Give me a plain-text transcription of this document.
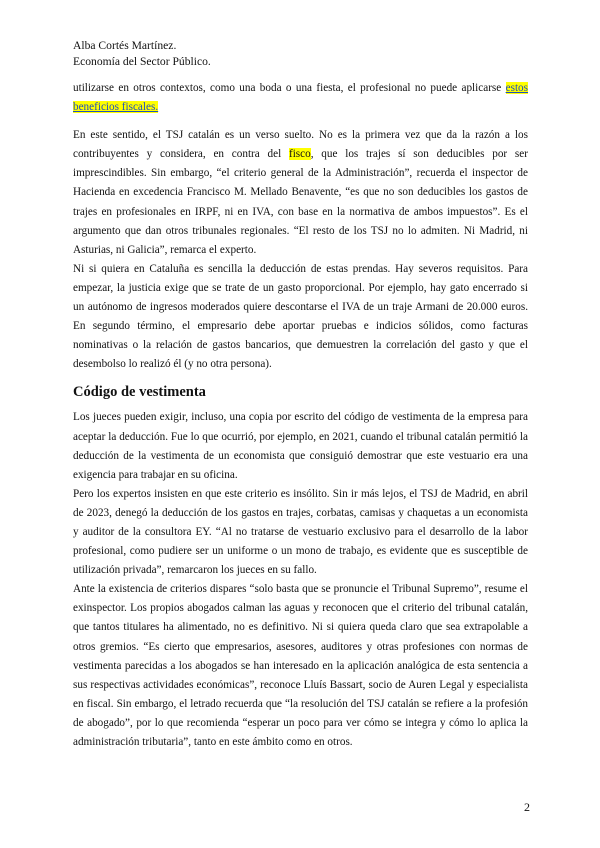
Alba Cortés Martínez.
Economía del Sector Público.

utilizarse en otros contextos, como una boda o una fiesta, el profesional no puede aplicarse estos beneficios fiscales.

En este sentido, el TSJ catalán es un verso suelto. No es la primera vez que da la razón a los contribuyentes y considera, en contra del fisco, que los trajes sí son deducibles por ser imprescindibles. Sin embargo, “el criterio general de la Administración”, recuerda el inspector de Hacienda en excedencia Francisco M. Mellado Benavente, “es que no son deducibles los gastos de trajes en profesionales en IRPF, ni en IVA, con base en la normativa de ambos impuestos”. Es el argumento que dan otros tribunales regionales. “El resto de los TSJ no lo admiten. Ni Madrid, ni Asturias, ni Galicia”, remarca el experto.

Ni si quiera en Cataluña es sencilla la deducción de estas prendas. Hay severos requisitos. Para empezar, la justicia exige que se trate de un gasto proporcional. Por ejemplo, hay gato encerrado si un autónomo de ingresos moderados quiere descontarse el IVA de un traje Armani de 20.000 euros. En segundo término, el empresario debe aportar pruebas e indicios sólidos, como facturas nominativas o la relación de gastos bancarios, que demuestren la correlación del gasto y que el desembolso lo realizó él (y no otra persona).

Código de vestimenta

Los jueces pueden exigir, incluso, una copia por escrito del código de vestimenta de la empresa para aceptar la deducción. Fue lo que ocurrió, por ejemplo, en 2021, cuando el tribunal catalán permitió la deducción de la vestimenta de un economista que consiguió demostrar que este vestuario era una exigencia para trabajar en su oficina.

Pero los expertos insisten en que este criterio es insólito. Sin ir más lejos, el TSJ de Madrid, en abril de 2023, denegó la deducción de los gastos en trajes, corbatas, camisas y chaquetas a un economista y auditor de la consultora EY. “Al no tratarse de vestuario exclusivo para el desarrollo de la labor profesional, como pudiere ser un uniforme o un mono de trabajo, es evidente que es susceptible de utilización privada”, remarcaron los jueces en su fallo.

Ante la existencia de criterios dispares “solo basta que se pronuncie el Tribunal Supremo”, resume el exinspector. Los propios abogados calman las aguas y reconocen que el criterio del tribunal catalán, que tantos titulares ha alimentado, no es definitivo. Ni si quiera queda claro que sea extrapolable a otros gremios. “Es cierto que empresarios, asesores, auditores y otras profesiones con normas de vestimenta parecidas a los abogados se han interesado en la aplicación analógica de esta sentencia a sus respectivas actividades económicas”, reconoce Lluís Bassart, socio de Auren Legal y especialista en fiscal. Sin embargo, el letrado recuerda que “la resolución del TSJ catalán se refiere a la profesión de abogado”, por lo que recomienda “esperar un poco para ver cómo se integra y cómo lo aplica la administración tributaria”, tanto en este ámbito como en otros.

2
